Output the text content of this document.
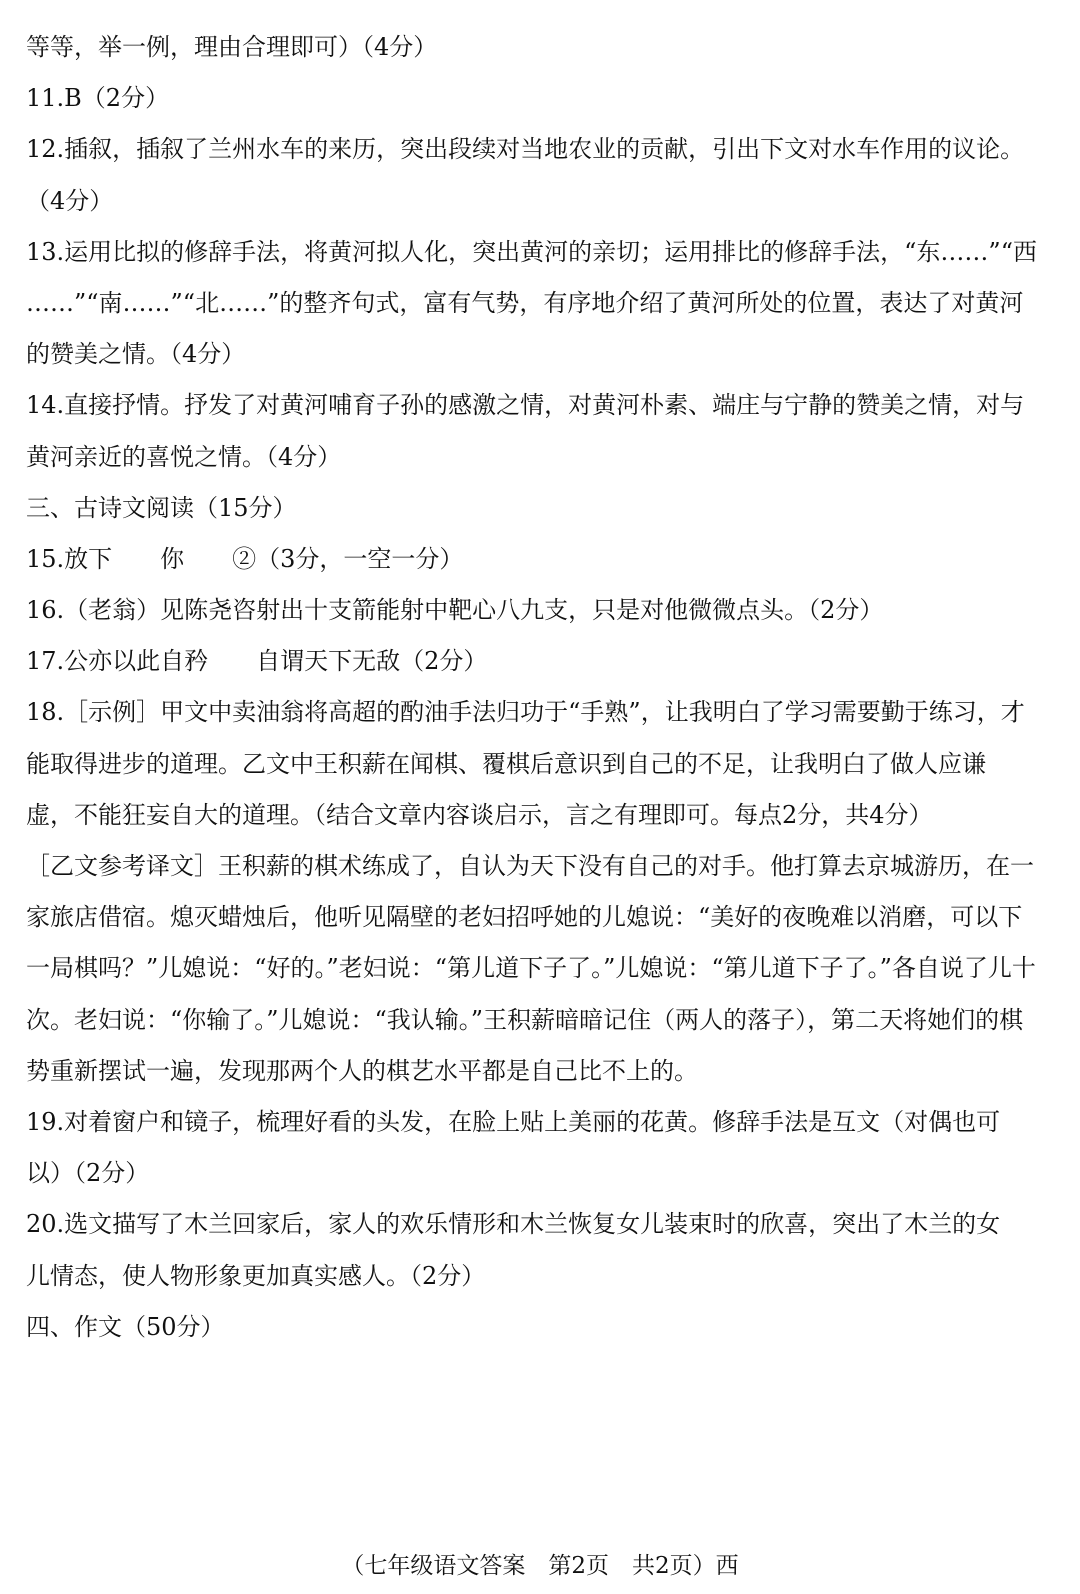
等等，举一例，理由合理即可）（4分）
11.B（2分）
12.插叙，插叙了兰州水车的来历，突出段续对当地农业的贡献，引出下文对水车作用的议论。
（4分）
13.运用比拟的修辞手法，将黄河拟人化，突出黄河的亲切；运用排比的修辞手法，“东……”“西
……”“南……”“北……”的整齐句式，富有气势，有序地介绍了黄河所处的位置，表达了对黄河
的赞美之情。（4分）
14.直接抒情。抒发了对黄河哺育子孙的感激之情，对黄河朴素、端庄与宁静的赞美之情，对与
黄河亲近的喜悦之情。（4分）
三、古诗文阅读（15分）
15.放下　　你　　②（3分，一空一分）
16.（老翁）见陈尧咨射出十支箭能射中靶心八九支，只是对他微微点头。（2分）
17.公亦以此自矜　　自谓天下无敌（2分）
18.［示例］甲文中卖油翁将高超的酌油手法归功于“手熟”，让我明白了学习需要勤于练习，才
能取得进步的道理。乙文中王积薪在闻棋、覆棋后意识到自己的不足，让我明白了做人应谦
虚，不能狂妄自大的道理。（结合文章内容谈启示，言之有理即可。每点2分，共4分）
［乙文参考译文］王积薪的棋术练成了，自认为天下没有自己的对手。他打算去京城游历，在一
家旅店借宿。熄灭蜡烛后，他听见隔壁的老妇招呼她的儿媳说：“美好的夜晚难以消磨，可以下
一局棋吗？”儿媳说：“好的。”老妇说：“第儿道下子了。”儿媳说：“第儿道下子了。”各自说了儿十
次。老妇说：“你输了。”儿媳说：“我认输。”王积薪暗暗记住（两人的落子），第二天将她们的棋
势重新摆试一遍，发现那两个人的棋艺水平都是自己比不上的。
19.对着窗户和镜子，梳理好看的头发，在脸上贴上美丽的花黄。修辞手法是互文（对偶也可
以）（2分）
20.选文描写了木兰回家后，家人的欢乐情形和木兰恢复女儿装束时的欣喜，突出了木兰的女
儿情态，使人物形象更加真实感人。（2分）
四、作文（50分）
（七年级语文答案　第2页　共2页）西
